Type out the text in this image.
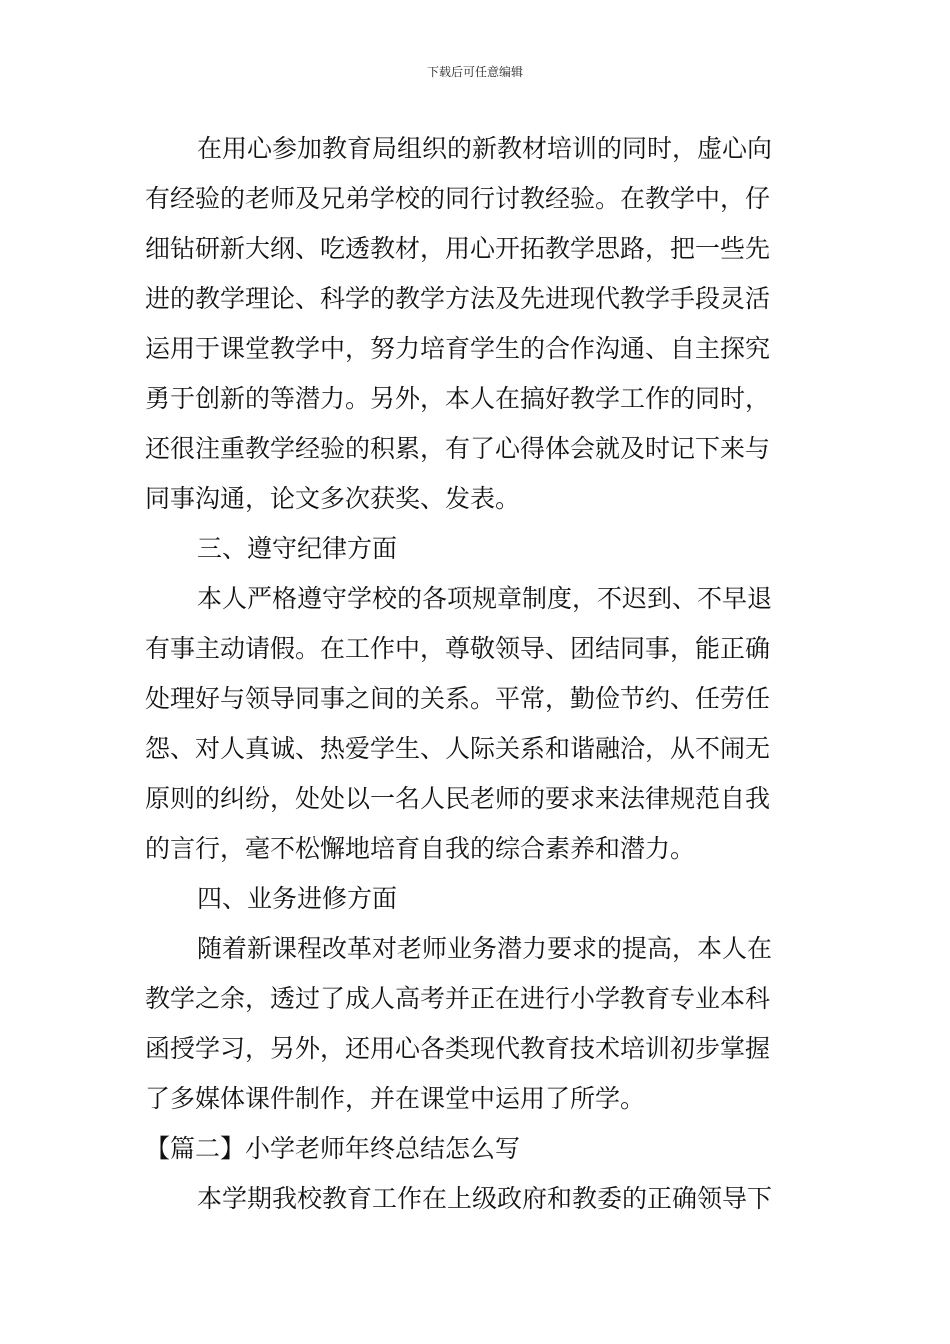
下载后可任意编辑
在用心参加教育局组织的新教材培训的同时，虚心向
有经验的老师及兄弟学校的同行讨教经验。在教学中，仔
细钻研新大纲、吃透教材，用心开拓教学思路，把一些先
进的教学理论、科学的教学方法及先进现代教学手段灵活
运用于课堂教学中，努力培育学生的合作沟通、自主探究
勇于创新的等潜力。另外，本人在搞好教学工作的同时，
还很注重教学经验的积累，有了心得体会就及时记下来与
同事沟通，论文多次获奖、发表。
三、遵守纪律方面
本人严格遵守学校的各项规章制度，不迟到、不早退
有事主动请假。在工作中，尊敬领导、团结同事，能正确
处理好与领导同事之间的关系。平常，勤俭节约、任劳任
怨、对人真诚、热爱学生、人际关系和谐融洽，从不闹无
原则的纠纷，处处以一名人民老师的要求来法律规范自我
的言行，毫不松懈地培育自我的综合素养和潜力。
四、业务进修方面
随着新课程改革对老师业务潜力要求的提高，本人在
教学之余，透过了成人高考并正在进行小学教育专业本科
函授学习，另外，还用心各类现代教育技术培训初步掌握
了多媒体课件制作，并在课堂中运用了所学。
【篇二】小学老师年终总结怎么写
本学期我校教育工作在上级政府和教委的正确领导下
